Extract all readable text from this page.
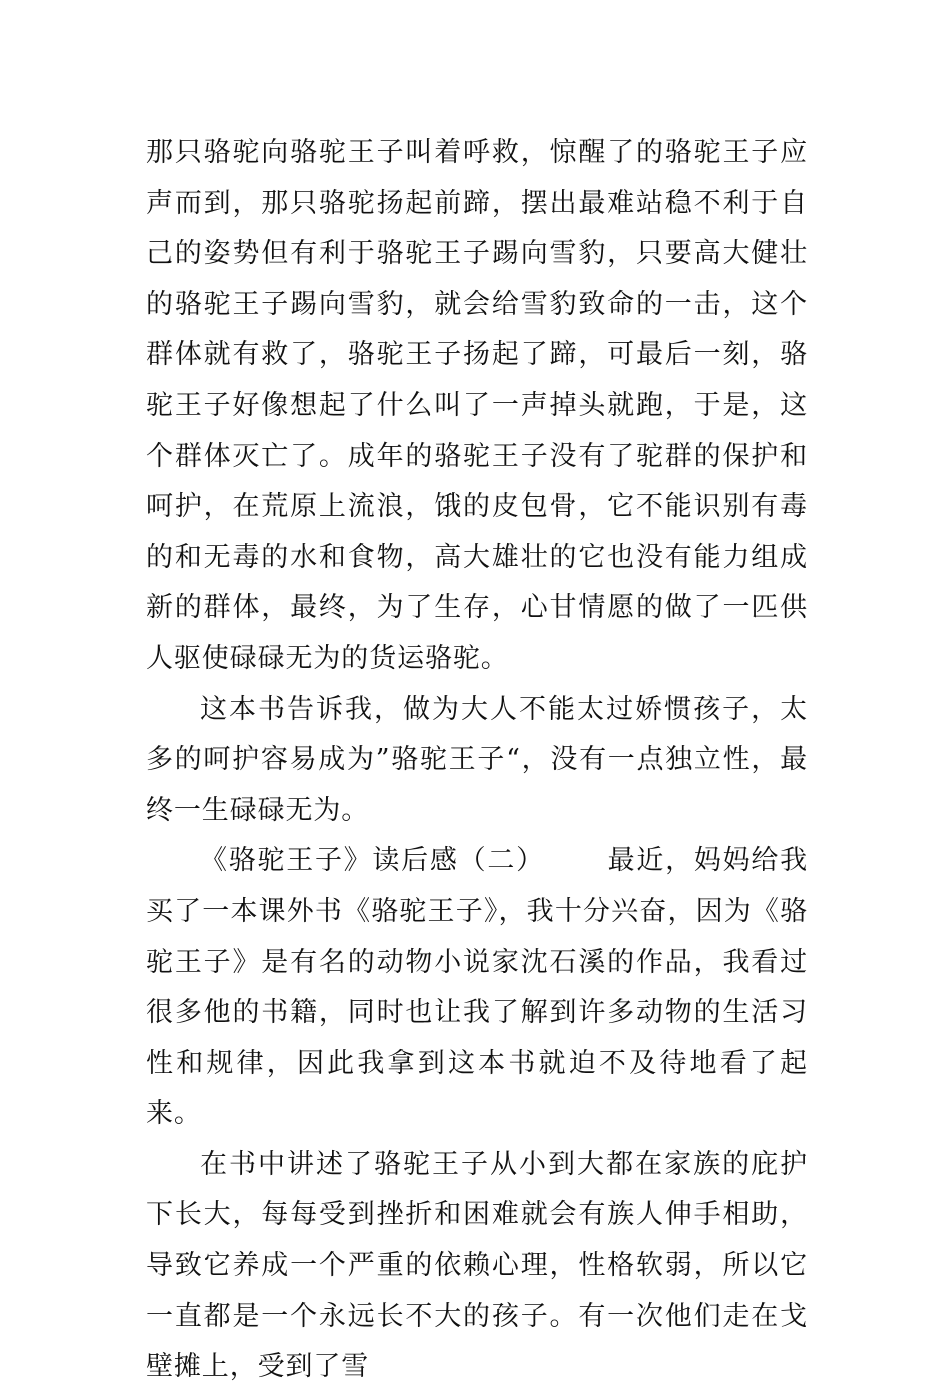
那只骆驼向骆驼王子叫着呼救，惊醒了的骆驼王子应声而到，那只骆驼扬起前蹄，摆出最难站稳不利于自己的姿势但有利于骆驼王子踢向雪豹，只要高大健壮的骆驼王子踢向雪豹，就会给雪豹致命的一击，这个群体就有救了，骆驼王子扬起了蹄，可最后一刻，骆驼王子好像想起了什么叫了一声掉头就跑，于是，这个群体灭亡了。成年的骆驼王子没有了驼群的保护和呵护，在荒原上流浪，饿的皮包骨，它不能识别有毒的和无毒的水和食物，高大雄壮的它也没有能力组成新的群体，最终，为了生存，心甘情愿的做了一匹供人驱使碌碌无为的货运骆驼。

这本书告诉我，做为大人不能太过娇惯孩子，太多的呵护容易成为”骆驼王子“，没有一点独立性，最终一生碌碌无为。

《骆驼王子》读后感（二） 最近，妈妈给我买了一本课外书《骆驼王子》，我十分兴奋，因为《骆驼王子》是有名的动物小说家沈石溪的作品，我看过很多他的书籍，同时也让我了解到许多动物的生活习性和规律，因此我拿到这本书就迫不及待地看了起来。

在书中讲述了骆驼王子从小到大都在家族的庇护下长大，每每受到挫折和困难就会有族人伸手相助，导致它养成一个严重的依赖心理，性格软弱，所以它一直都是一个永远长不大的孩子。有一次他们走在戈壁摊上，受到了雪
